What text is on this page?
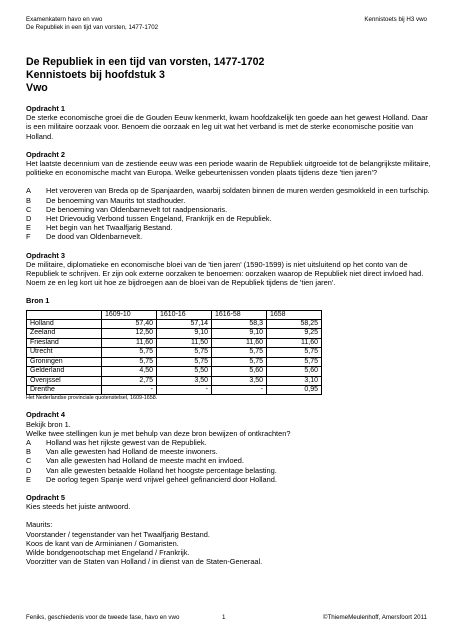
Examenkatern havo en vwo
De Republiek in een tijd van vorsten, 1477-1702
Kennistoets bij H3 vwo
De Republiek in een tijd van vorsten, 1477-1702
Kennistoets bij hoofdstuk 3
Vwo

Opdracht 1

De sterke economische groei die de Gouden Eeuw kenmerkt, kwam hoofdzakelijk ten goede aan het gewest Holland. Daar is een militaire oorzaak voor. Benoem die oorzaak en leg uit wat het verband is met de sterke economische positie van Holland.

Opdracht 2

Het laatste decennium van de zestiende eeuw was een periode waarin de Republiek uitgroeide tot de belangrijkste militaire, politieke en economische macht van Europa. Welke gebeurtenissen vonden plaats tijdens deze 'tien jaren'?

A	Het veroveren van Breda op de Spanjaarden, waarbij soldaten binnen de muren werden gesmokkeld in een turfschip.
B	De benoeming van Maurits tot stadhouder.
C	De benoeming van Oldenbarnevelt tot raadpensionaris.
D	Het Drievoudig Verbond tussen Engeland, Frankrijk en de Republiek.
E	Het begin van het Twaalfjarig Bestand.
F	De dood van Oldenbarnevelt.

Opdracht 3

De militaire, diplomatieke en economische bloei van de 'tien jaren' (1590-1599) is niet uitsluitend op het conto van de Republiek te schrijven. Er zijn ook externe oorzaken te benoemen: oorzaken waarop de Republiek niet direct invloed had. Noem ze en leg kort uit hoe ze bijdroegen aan de bloei van de Republiek tijdens de 'tien jaren'.

Bron 1

	1609-10	1610-16	1616-58	1658
Holland	57,40	57,14	58,3	58,25
Zeeland	12,50	9,10	9,10	9,25
Friesland	11,60	11,50	11,60	11,60
Utrecht	5,75	5,75	5,75	5,75
Groningen	5,75	5,75	5,75	5,75
Gelderland	4,50	5,50	5,60	5,60
Overijssel	2,75	3,50	3,50	3,10
Drenthe	-	-	-	0,95
Het Nederlandse provinciale quotenstelsel, 1609-1658.

Opdracht 4

Bekijk bron 1.

Welke twee stellingen kun je met behulp van deze bron bewijzen of ontkrachten?

A	Holland was het rijkste gewest van de Republiek.
B	Van alle gewesten had Holland de meeste inwoners.
C	Van alle gewesten had Holland de meeste macht en invloed.
D	Van alle gewesten betaalde Holland het hoogste percentage belasting.
E	De oorlog tegen Spanje werd vrijwel geheel gefinancierd door Holland.

Opdracht 5

Kies steeds het juiste antwoord.

Maurits:

Voorstander / tegenstander van het Twaalfjarig Bestand.

Koos de kant van de Arminianen / Gomaristen.

Wilde bondgenootschap met Engeland / Frankrijk.

Voorzitter van de Staten van Holland / in dienst van de Staten-Generaal.

Feniks, geschiedenis voor de tweede fase, havo en vwo	1	©ThiemeMeulenhoff, Amersfoort 2011
